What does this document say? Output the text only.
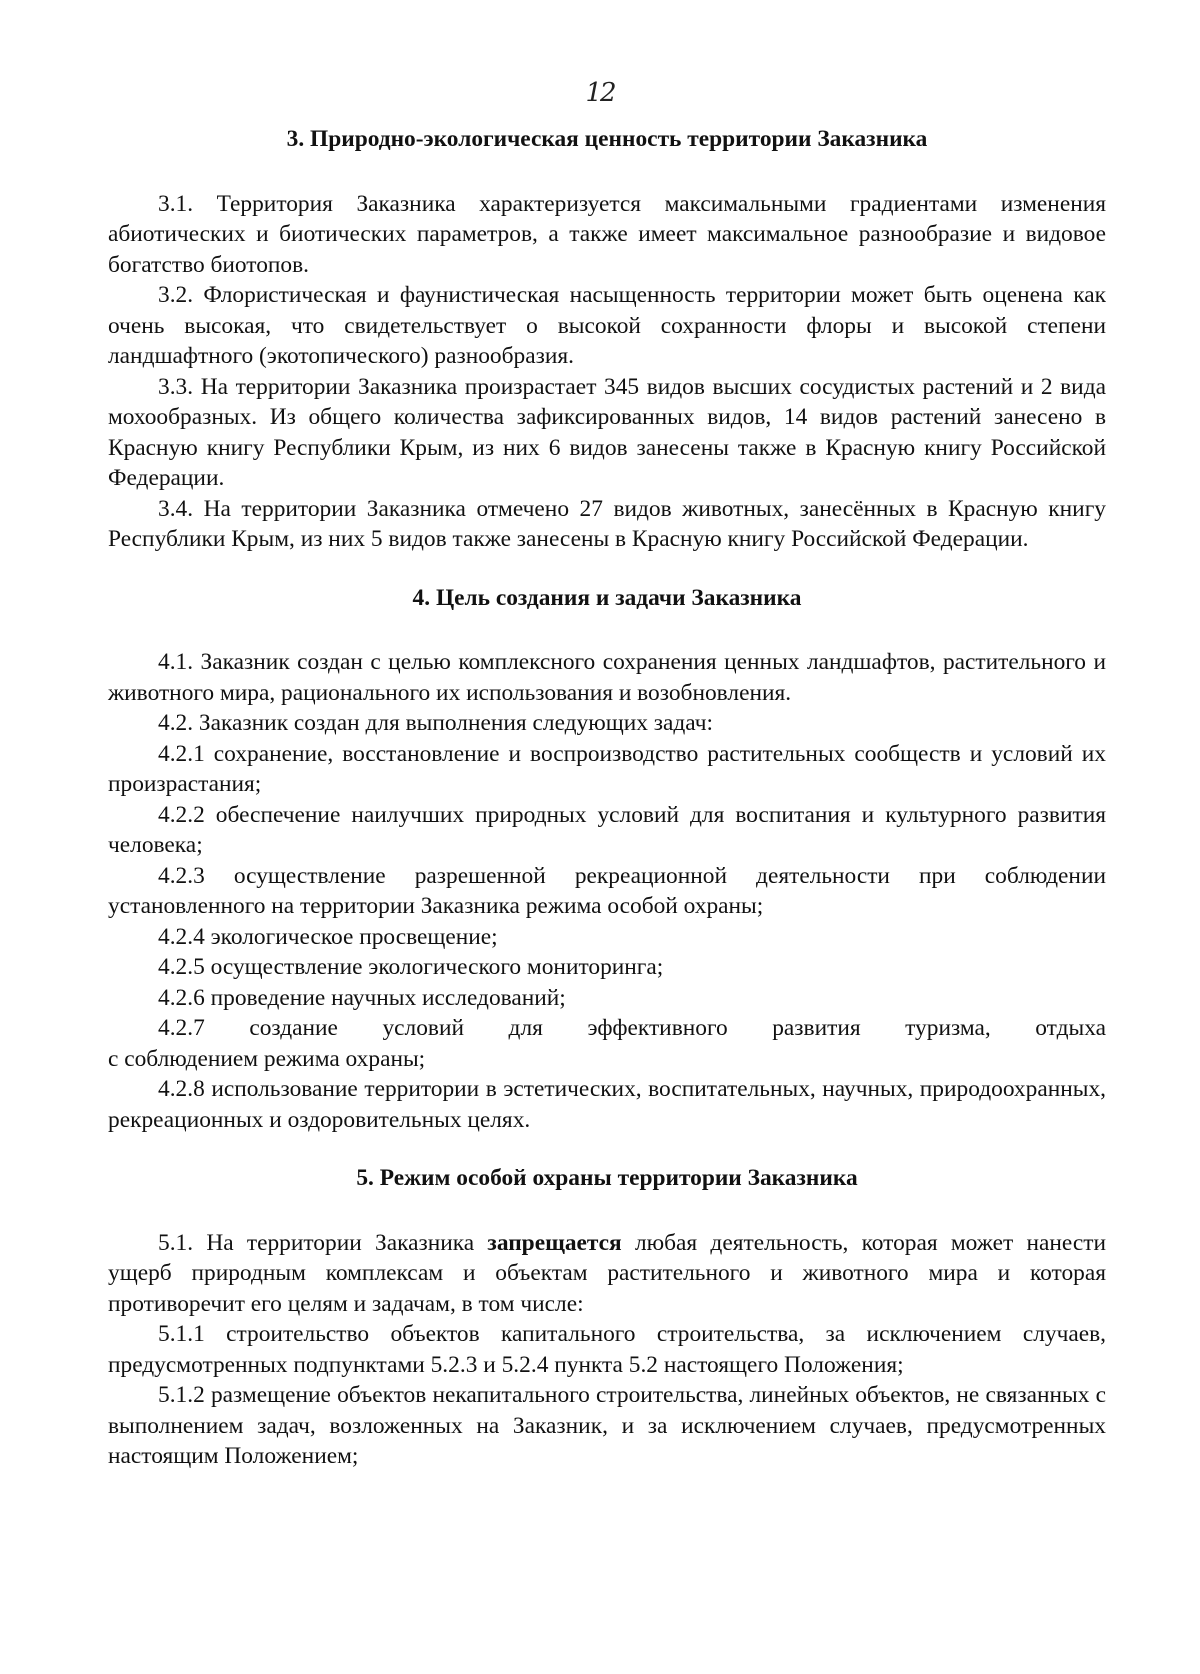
12
3. Природно-экологическая ценность территории Заказника

3.1. Территория Заказника характеризуется максимальными градиентами изменения абиотических и биотических параметров, а также имеет максимальное разнообразие и видовое богатство биотопов.

3.2. Флористическая и фаунистическая насыщенность территории может быть оценена как очень высокая, что свидетельствует о высокой сохранности флоры и высокой степени ландшафтного (экотопического) разнообразия.

3.3. На территории Заказника произрастает 345 видов высших сосудистых растений и 2 вида мохообразных. Из общего количества зафиксированных видов, 14 видов растений занесено в Красную книгу Республики Крым, из них 6 видов занесены также в Красную книгу Российской Федерации.

3.4. На территории Заказника отмечено 27 видов животных, занесённых в Красную книгу Республики Крым, из них 5 видов также занесены в Красную книгу Российской Федерации.

4. Цель создания и задачи Заказника

4.1. Заказник создан с целью комплексного сохранения ценных ландшафтов, растительного и животного мира, рационального их использования и возобновления.

4.2. Заказник создан для выполнения следующих задач:

4.2.1 сохранение, восстановление и воспроизводство растительных сообществ и условий их произрастания;

4.2.2 обеспечение наилучших природных условий для воспитания и культурного развития человека;

4.2.3 осуществление разрешенной рекреационной деятельности при соблюдении установленного на территории Заказника режима особой охраны;

4.2.4 экологическое просвещение;

4.2.5 осуществление экологического мониторинга;

4.2.6 проведение научных исследований;

4.2.7 создание условий для эффективного развития туризма, отдыха

с соблюдением режима охраны;

4.2.8 использование территории в эстетических, воспитательных, научных, природоохранных, рекреационных и оздоровительных целях.

5. Режим особой охраны территории Заказника

5.1. На территории Заказника запрещается любая деятельность, которая может нанести ущерб природным комплексам и объектам растительного и животного мира и которая противоречит его целям и задачам, в том числе:

5.1.1 строительство объектов капитального строительства, за исключением случаев, предусмотренных подпунктами 5.2.3 и 5.2.4 пункта 5.2 настоящего Положения;

5.1.2 размещение объектов некапитального строительства, линейных объектов, не связанных с выполнением задач, возложенных на Заказник, и за исключением случаев, предусмотренных настоящим Положением;
